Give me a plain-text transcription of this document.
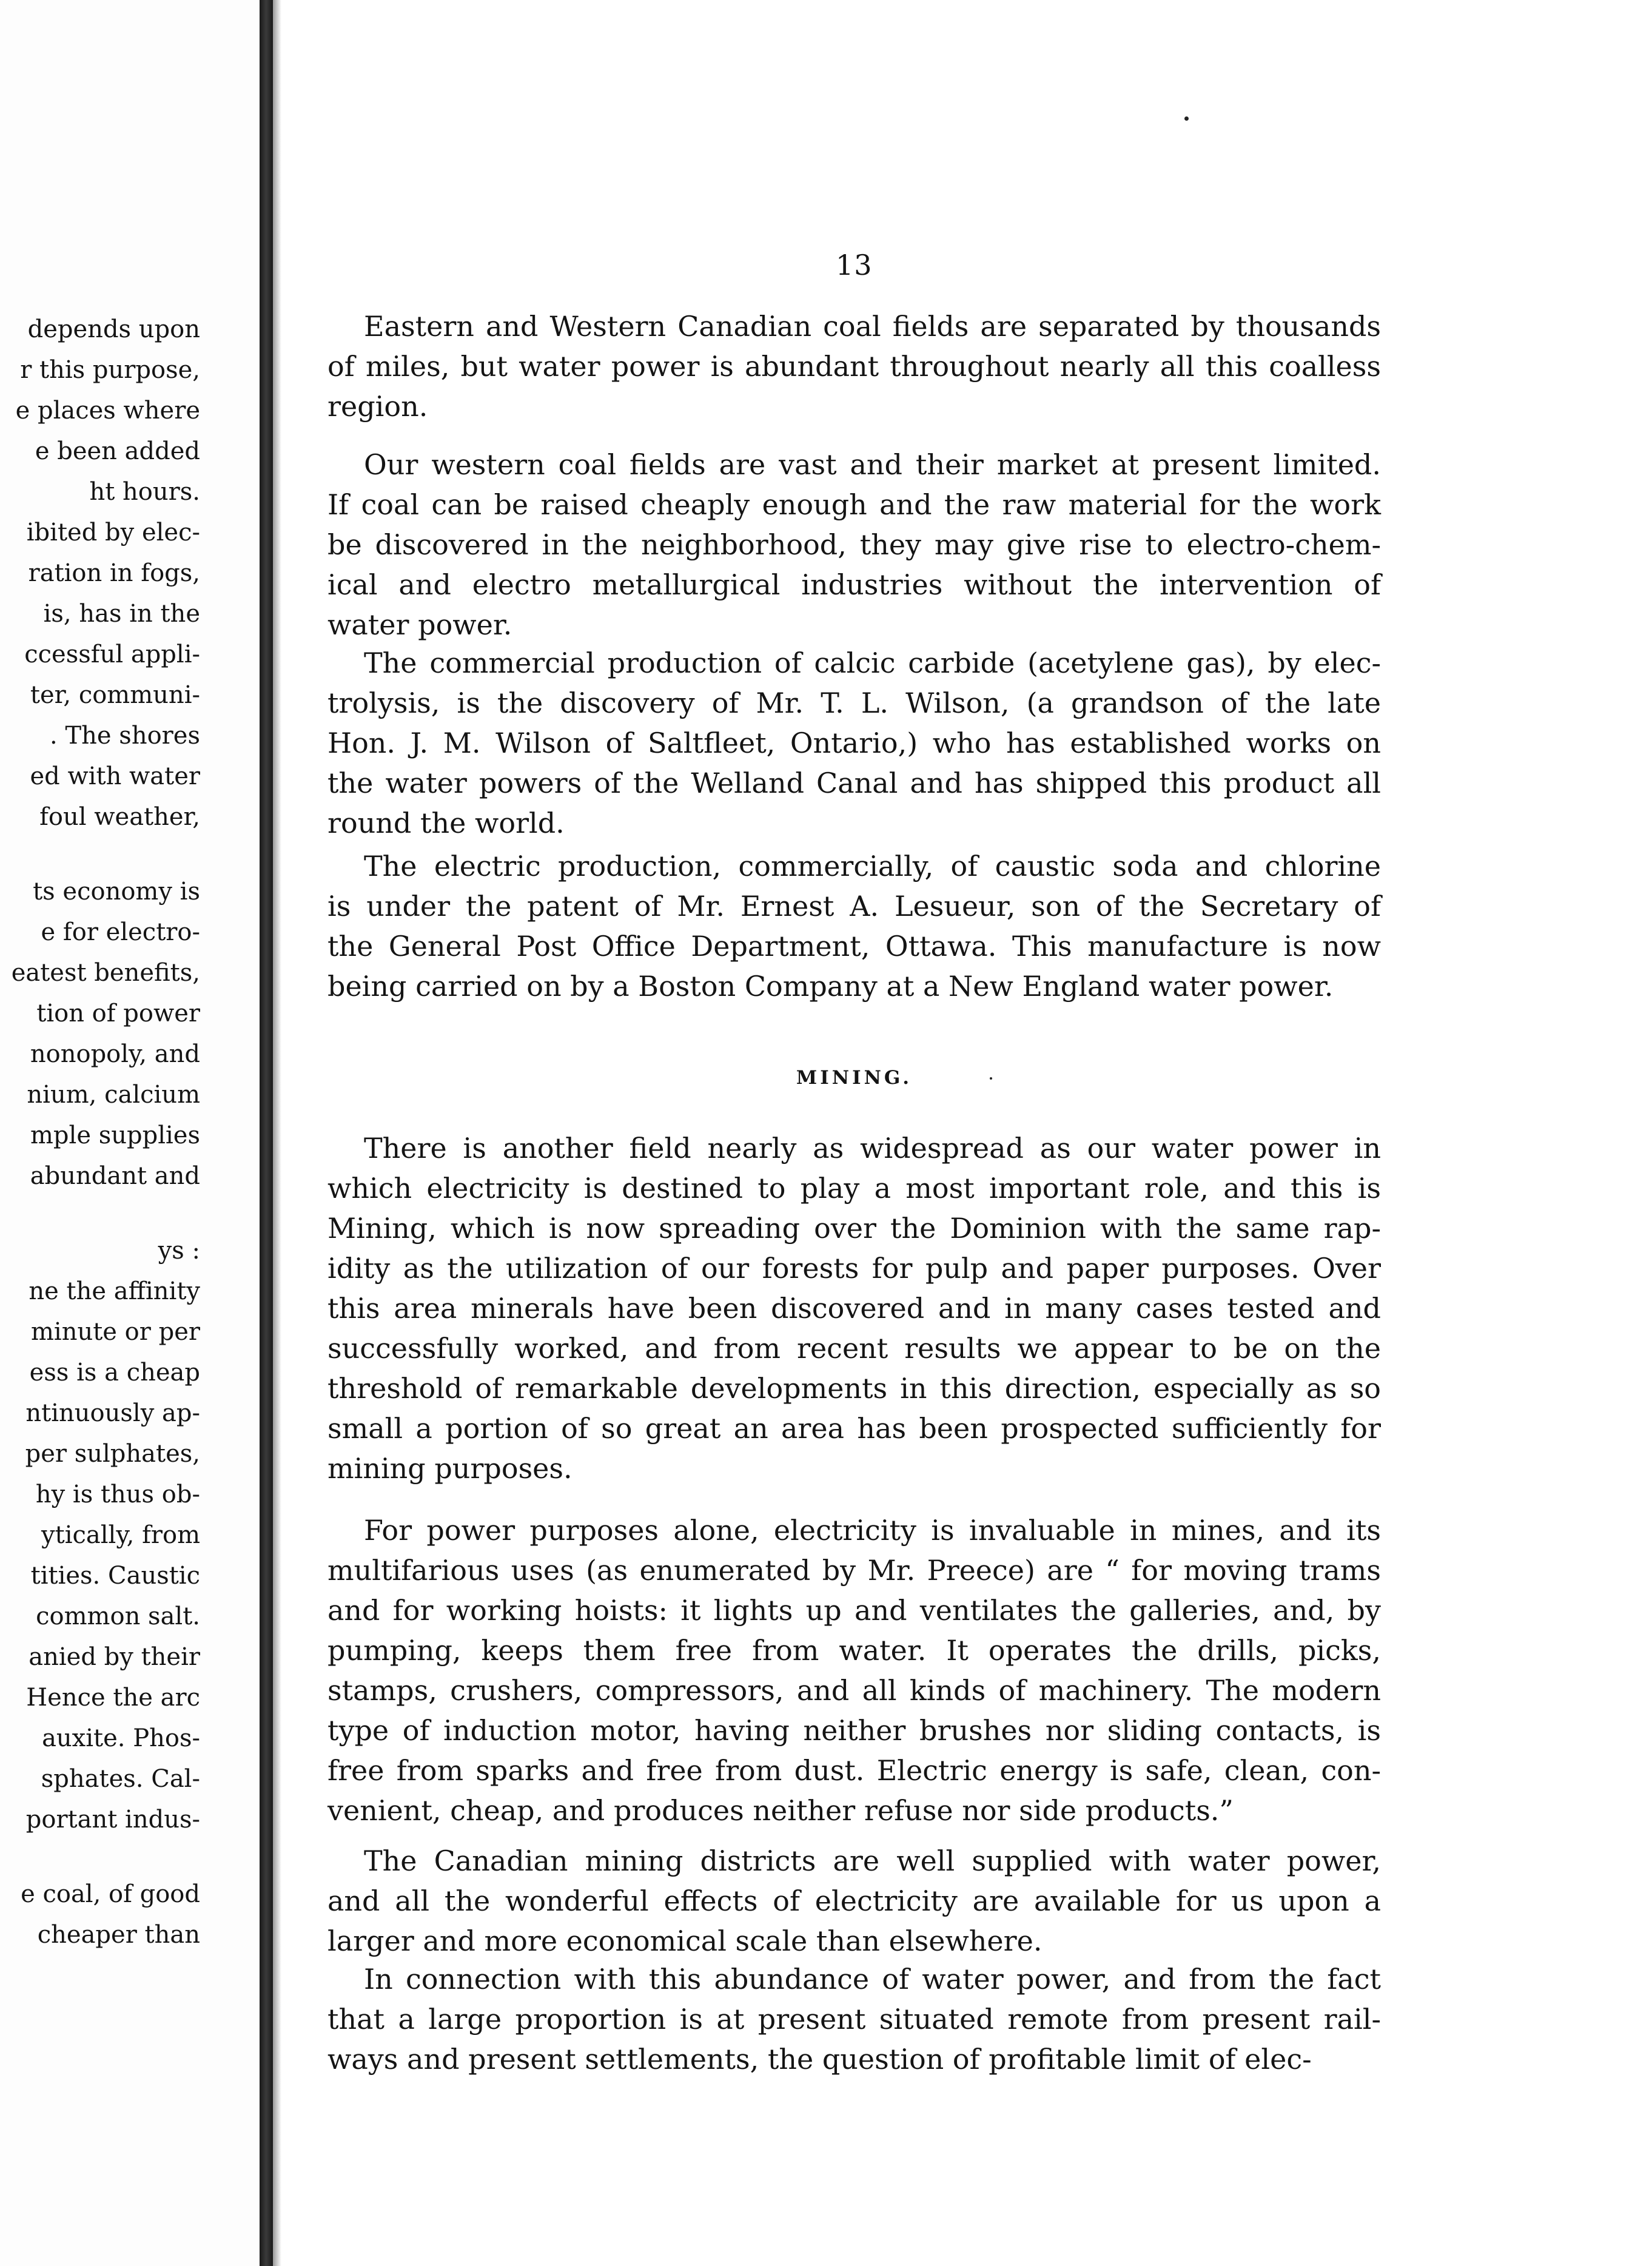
depends upon
r this purpose,
e places where
e been added
ht hours.
ibited by elec-
ration in fogs,
is, has in the
ccessful appli-
ter, communi-
. The shores
ed with water
foul weather,
ts economy is
e for electro-
eatest benefits,
tion of power
nonopoly, and
nium, calcium
mple supplies
abundant and
ys :
ne the affinity
minute or per
ess is a cheap
ntinuously ap-
per sulphates,
hy is thus ob-
ytically, from
tities. Caustic
common salt.
anied by their
Hence the arc
auxite. Phos-
sphates. Cal-
portant indus-
e coal, of good
cheaper than
13
MINING.
Eastern and Western Canadian coal fields are separated by thousands
of miles, but water power is abundant throughout nearly all this coalless
region.
Our western coal fields are vast and their market at present limited.
If coal can be raised cheaply enough and the raw material for the work
be discovered in the neighborhood, they may give rise to electro-chem-
ical and electro metallurgical industries without the intervention of
water power.
The commercial production of calcic carbide (acetylene gas), by elec-
trolysis, is the discovery of Mr. T. L. Wilson, (a grandson of the late
Hon. J. M. Wilson of Saltfleet, Ontario,) who has established works on
the water powers of the Welland Canal and has shipped this product all
round the world.
The electric production, commercially, of caustic soda and chlorine
is under the patent of Mr. Ernest A. Lesueur, son of the Secretary of
the General Post Office Department, Ottawa. This manufacture is now
being carried on by a Boston Company at a New England water power.
There is another field nearly as widespread as our water power in
which electricity is destined to play a most important role, and this is
Mining, which is now spreading over the Dominion with the same rap-
idity as the utilization of our forests for pulp and paper purposes. Over
this area minerals have been discovered and in many cases tested and
successfully worked, and from recent results we appear to be on the
threshold of remarkable developments in this direction, especially as so
small a portion of so great an area has been prospected sufficiently for
mining purposes.
For power purposes alone, electricity is invaluable in mines, and its
multifarious uses (as enumerated by Mr. Preece) are “ for moving trams
and for working hoists: it lights up and ventilates the galleries, and, by
pumping, keeps them free from water. It operates the drills, picks,
stamps, crushers, compressors, and all kinds of machinery. The modern
type of induction motor, having neither brushes nor sliding contacts, is
free from sparks and free from dust. Electric energy is safe, clean, con-
venient, cheap, and produces neither refuse nor side products.”
The Canadian mining districts are well supplied with water power,
and all the wonderful effects of electricity are available for us upon a
larger and more economical scale than elsewhere.
In connection with this abundance of water power, and from the fact
that a large proportion is at present situated remote from present rail-
ways and present settlements, the question of profitable limit of elec-
